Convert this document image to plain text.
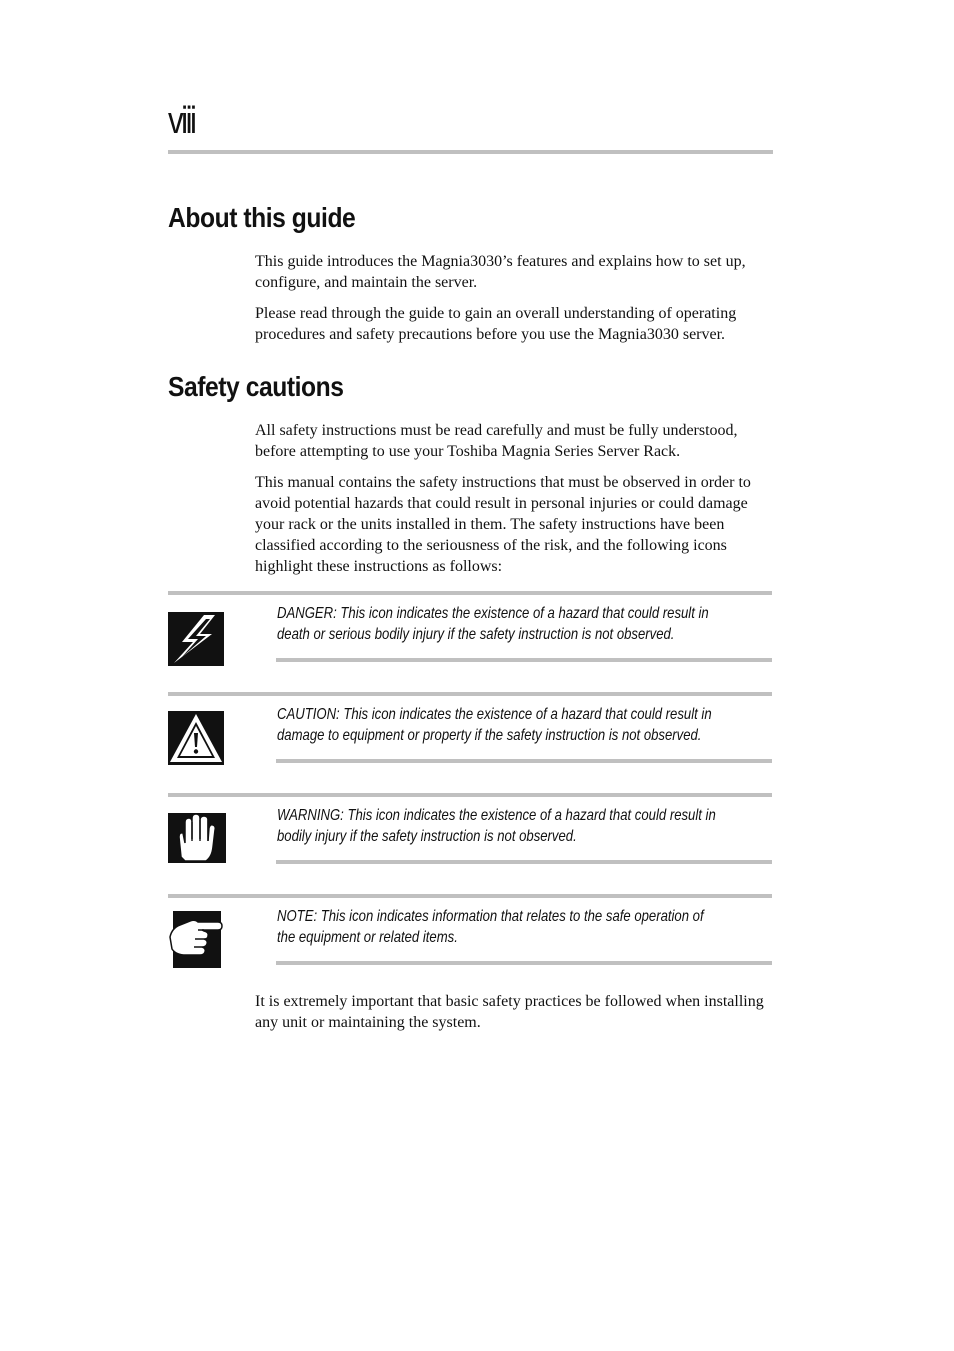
viii
About this guide

This guide introduces the Magnia3030’s features and explains how to set up, configure, and maintain the server.

Please read through the guide to gain an overall understanding of operating procedures and safety precautions before you use the Magnia3030 server.

Safety cautions

All safety instructions must be read carefully and must be fully understood, before attempting to use your Toshiba Magnia Series Server Rack.

This manual contains the safety instructions that must be observed in order to avoid potential hazards that could result in personal injuries or could damage your rack or the units installed in them. The safety instructions have been classified according to the seriousness of the risk, and the following icons highlight these instructions as follows:

DANGER: This icon indicates the existence of a hazard that could result in

death or serious bodily injury if the safety instruction is not observed.

CAUTION: This icon indicates the existence of a hazard that could result in

damage to equipment or property if the safety instruction is not observed.

WARNING: This icon indicates the existence of a hazard that could result in

bodily injury if the safety instruction is not observed.

NOTE: This icon indicates information that relates to the safe operation of

the equipment or related items.

It is extremely important that basic safety practices be followed when installing any unit or maintaining the system.
